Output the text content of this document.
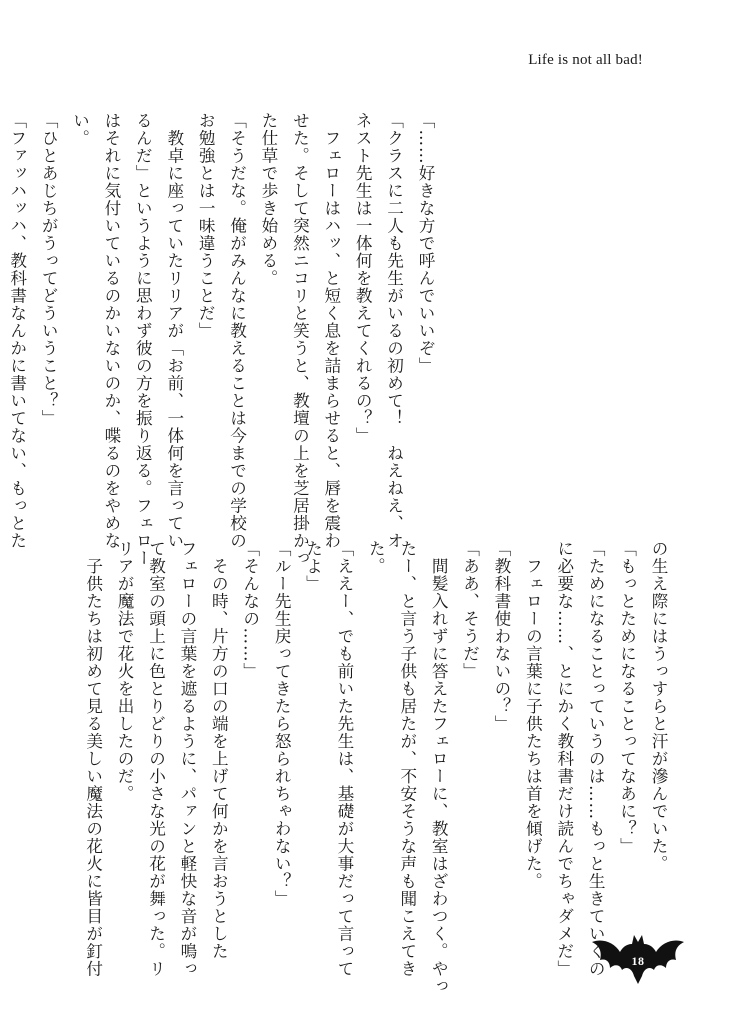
Life is not all bad!
「……好きな方で呼んでいいぞ」
「クラスに二人も先生がいるの初めて！　ねえねえ、オ
ネスト先生は一体何を教えてくれるの？」
　フェローはハッ、と短く息を詰まらせると、唇を震わ
せた。そして突然ニコリと笑うと、教壇の上を芝居掛かっ
た仕草で歩き始める。
「そうだな。俺がみんなに教えることは今までの学校の
お勉強とは一味違うことだ」
　教卓に座っていたリリアが「お前、一体何を言ってい
るんだ」というように思わず彼の方を振り返る。フェロー
はそれに気付いているのかいないのか、喋るのをやめな
い。
「ひとあじちがうってどういうこと？」
「ファッハッハ、教科書なんかに書いてない、もっとた
の生え際にはうっすらと汗が滲んでいた。
「もっとためになることってなあに？」
「ためになることっていうのは……もっと生きていくの
に必要な……、とにかく教科書だけ読んでちゃダメだ」
　フェローの言葉に子供たちは首を傾げた。
「教科書使わないの？」
「ああ、そうだ」
　間髪入れずに答えたフェローに、教室はざわつく。やっ
たー、と言う子供も居たが、不安そうな声も聞こえてき
た。
「ええー、でも前いた先生は、基礎が大事だって言って
たよ」
「ルー先生戻ってきたら怒られちゃわない？」
「そんなの……」
　その時、片方の口の端を上げて何かを言おうとした
フェローの言葉を遮るように、パァンと軽快な音が鳴っ
て教室の頭上に色とりどりの小さな光の花が舞った。リ
リアが魔法で花火を出したのだ。
　子供たちは初めて見る美しい魔法の花火に皆目が釘付	18
